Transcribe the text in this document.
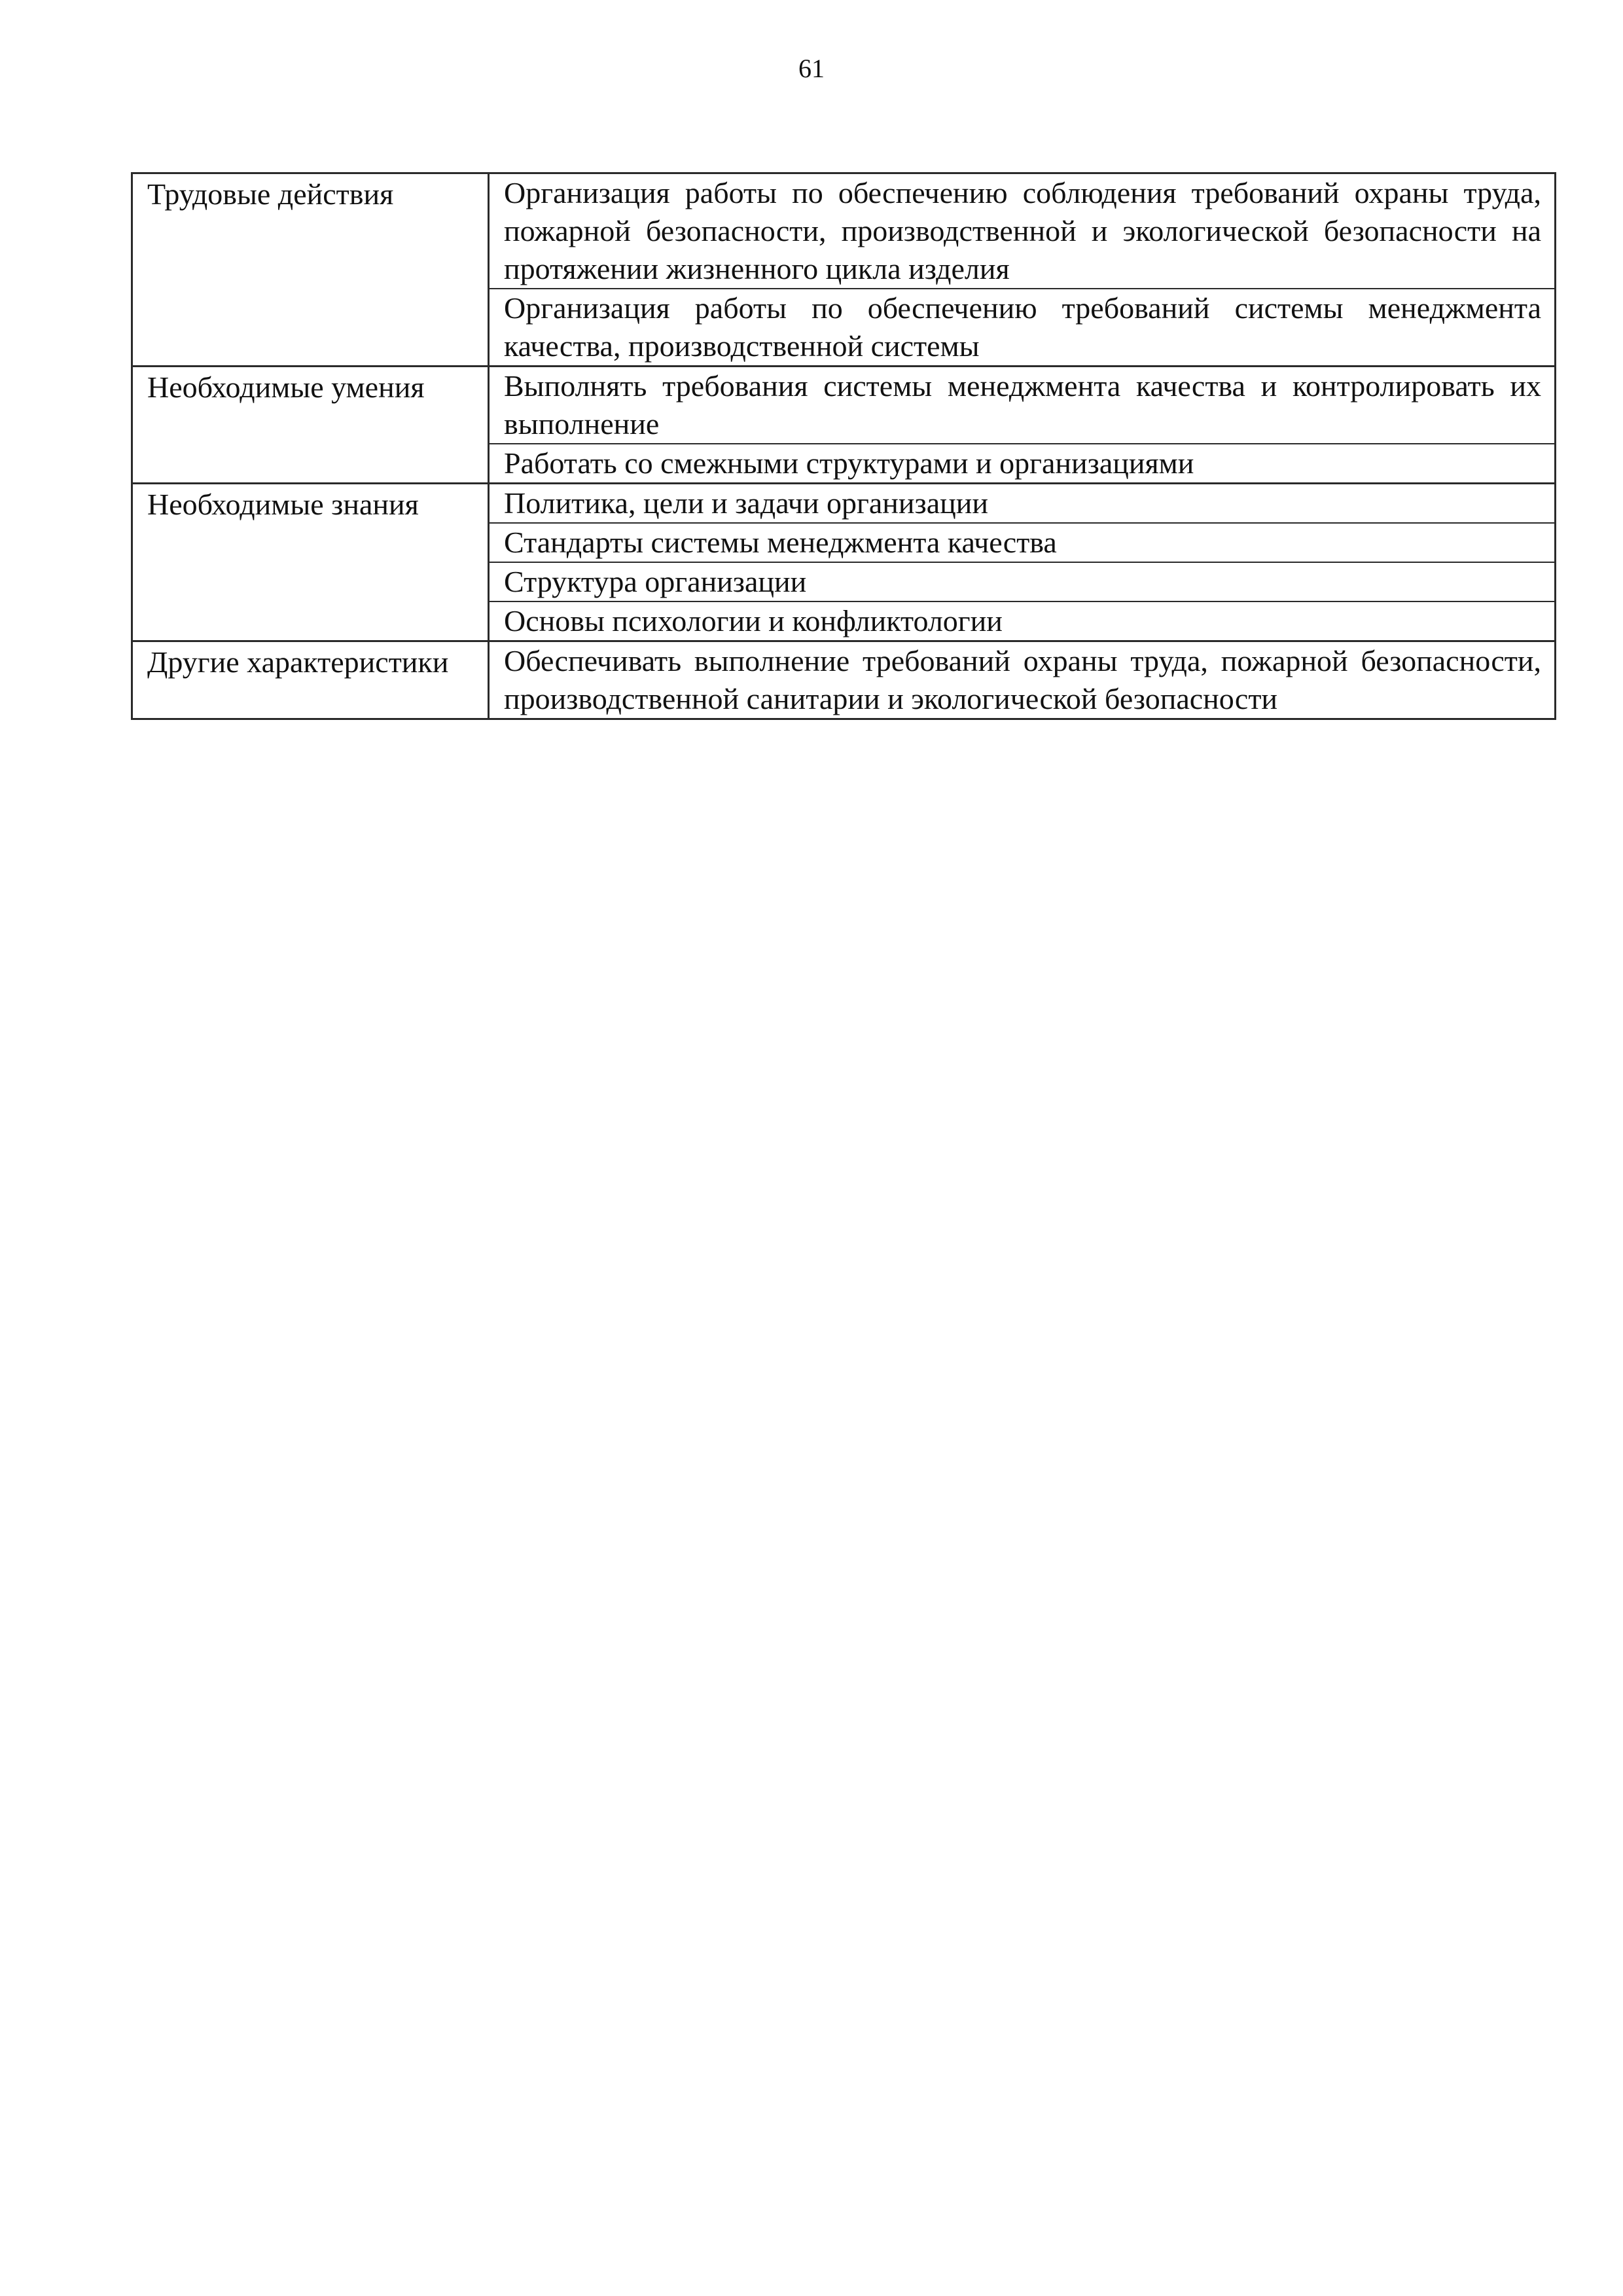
61
Трудовые действия	Организация работы по обеспечению соблюдения требований охраны труда, пожарной безопасности, производственной и экологической безопасности на протяжении жизненного цикла изделия
Организация работы по обеспечению требований системы менеджмента качества, производственной системы

Необходимые умения	Выполнять требования системы менеджмента качества и контролировать их выполнение
Работать со смежными структурами и организациями

Необходимые знания	Политика, цели и задачи организации
Стандарты системы менеджмента качества
Структура организации
Основы психологии и конфликтологии

Другие характеристики	Обеспечивать выполнение требований охраны труда, пожарной безопасности, производственной санитарии и экологической безопасности
